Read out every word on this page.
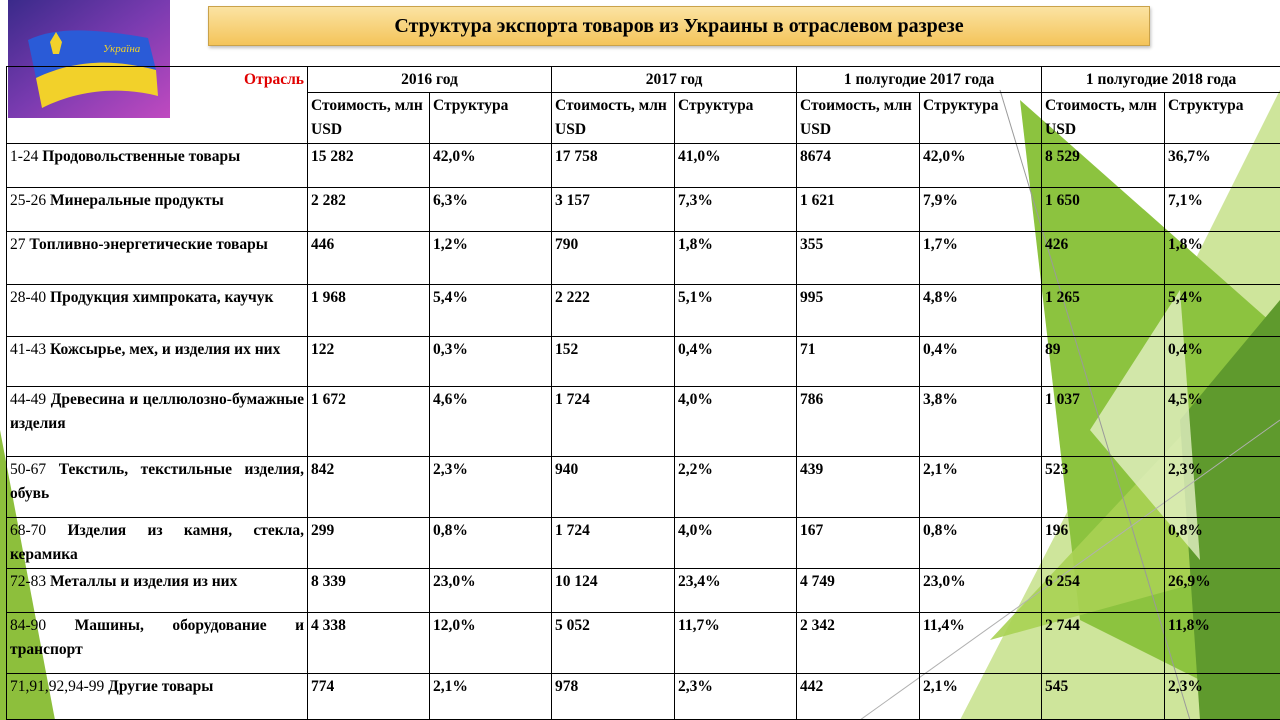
Україна
Структура экспорта товаров из Украины в отраслевом разрезе
Отрасль	2016 год		2017 год		1 полугодие 2017 года		1 полугодие 2018 года	
	Стоимость, млн USD	Структура	Стоимость, млн USD	Структура	Стоимость, млн USD	Структура	Стоимость, млн USD	Структура
1-24 Продовольственные товары	15 282	42,0%	17 758	41,0%	8674	42,0%	8 529	36,7%
25-26 Минеральные продукты	2 282	6,3%	3 157	7,3%	1 621	7,9%	1 650	7,1%
27 Топливно-энергетические товары	446	1,2%	790	1,8%	355	1,7%	426	1,8%
28-40 Продукция химпроката, каучук	1 968	5,4%	2 222	5,1%	995	4,8%	1 265	5,4%
41-43 Кожсырье, мех, и изделия их них	122	0,3%	152	0,4%	71	0,4%	89	0,4%
44-49 Древесина и целлюлозно-бумажные изделия	1 672	4,6%	1 724	4,0%	786	3,8%	1 037	4,5%
50-67 Текстиль, текстильные изделия, обувь	842	2,3%	940	2,2%	439	2,1%	523	2,3%
68-70 Изделия из камня, стекла, керамика	299	0,8%	1 724	4,0%	167	0,8%	196	0,8%
72-83 Металлы и изделия из них	8 339	23,0%	10 124	23,4%	4 749	23,0%	6 254	26,9%
84-90 Машины, оборудование и транспорт	4 338	12,0%	5 052	11,7%	2 342	11,4%	2 744	11,8%
71,91,92,94-99 Другие товары	774	2,1%	978	2,3%	442	2,1%	545	2,3%
